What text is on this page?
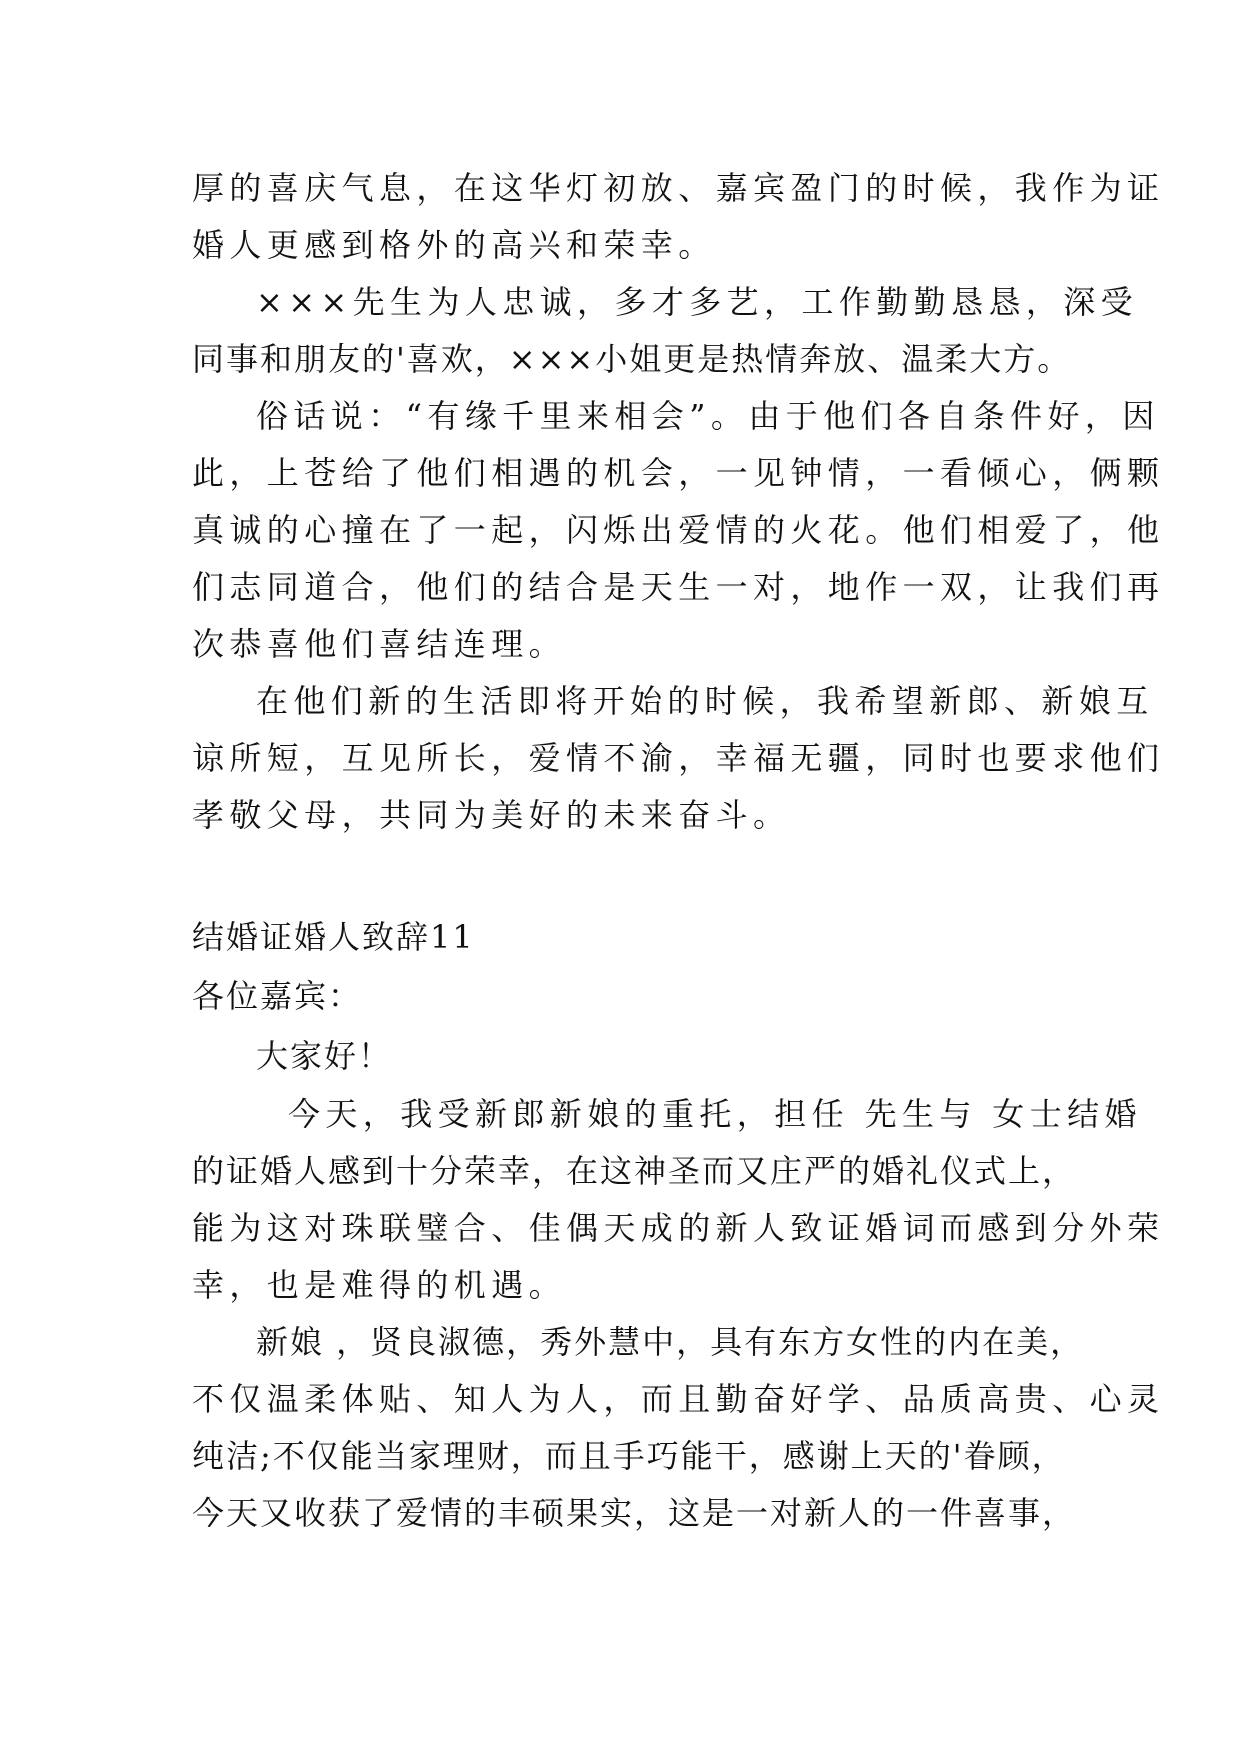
厚的喜庆气息，在这华灯初放、嘉宾盈门的时候，我作为证
婚人更感到格外的高兴和荣幸。
×××先生为人忠诚，多才多艺，工作勤勤恳恳，深受
同事和朋友的'喜欢，×××小姐更是热情奔放、温柔大方。
俗话说：“有缘千里来相会”。由于他们各自条件好，因
此，上苍给了他们相遇的机会，一见钟情，一看倾心，俩颗
真诚的心撞在了一起，闪烁出爱情的火花。他们相爱了，他
们志同道合，他们的结合是天生一对，地作一双，让我们再
次恭喜他们喜结连理。
在他们新的生活即将开始的时候，我希望新郎、新娘互
谅所短，互见所长，爱情不渝，幸福无疆，同时也要求他们
孝敬父母，共同为美好的未来奋斗。
结婚证婚人致辞11
各位嘉宾：
大家好！
今天，我受新郎新娘的重托，担任 先生与 女士结婚
的证婚人感到十分荣幸，在这神圣而又庄严的婚礼仪式上，
能为这对珠联璧合、佳偶天成的新人致证婚词而感到分外荣
幸，也是难得的机遇。
新娘 ，贤良淑德，秀外慧中，具有东方女性的内在美，
不仅温柔体贴、知人为人，而且勤奋好学、品质高贵、心灵
纯洁;不仅能当家理财，而且手巧能干，感谢上天的'眷顾，
今天又收获了爱情的丰硕果实，这是一对新人的一件喜事，
